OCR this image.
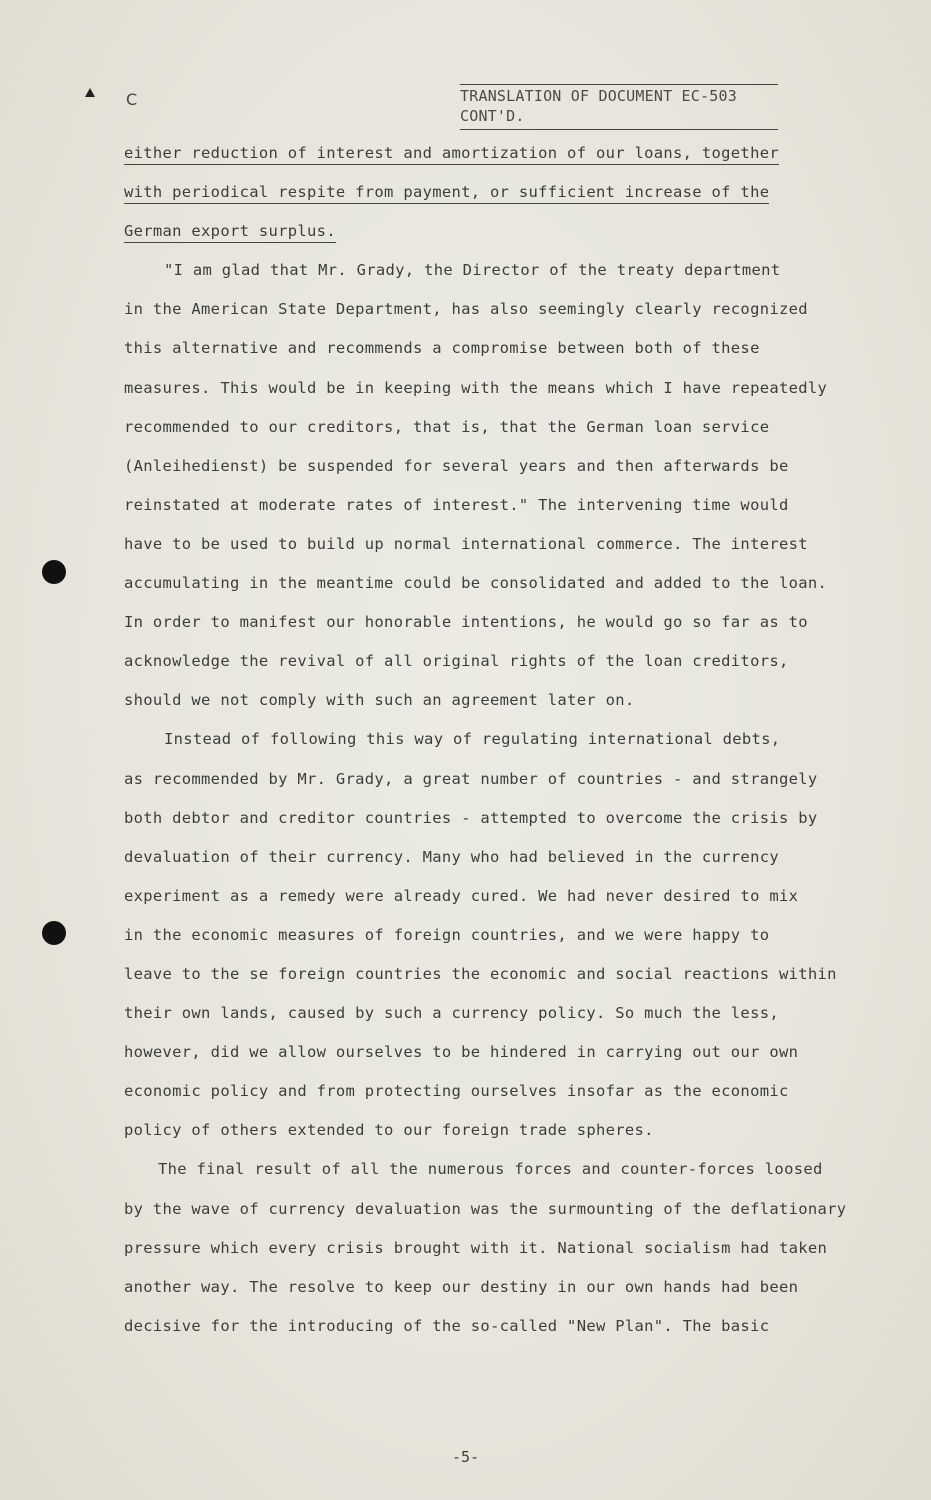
C	TRANSLATION OF DOCUMENT EC-503
CONT'D.
either reduction of interest and amortization of our loans, together
with periodical respite from payment, or sufficient increase of the
German export surplus.
"I am glad that Mr. Grady, the Director of the treaty department
in the American State Department, has also seemingly clearly recognized
this alternative and recommends a compromise between both of these
measures. This would be in keeping with the means which I have repeatedly
recommended to our creditors, that is, that the German loan service
(Anleihedienst) be suspended for several years and then afterwards be
reinstated at moderate rates of interest." The intervening time would
have to be used to build up normal international commerce. The interest
accumulating in the meantime could be consolidated and added to the loan.
In order to manifest our honorable intentions, he would go so far as to
acknowledge the revival of all original rights of the loan creditors,
should we not comply with such an agreement later on.
Instead of following this way of regulating international debts,
as recommended by Mr. Grady, a great number of countries - and strangely
both debtor and creditor countries - attempted to overcome the crisis by
devaluation of their currency. Many who had believed in the currency
experiment as a remedy were already cured. We had never desired to mix
in the economic measures of foreign countries, and we were happy to
leave to the se foreign countries the economic and social reactions within
their own lands, caused by such a currency policy. So much the less,
however, did we allow ourselves to be hindered in carrying out our own
economic policy and from protecting ourselves insofar as the economic
policy of others extended to our foreign trade spheres.
The final result of all the numerous forces and counter-forces loosed
by the wave of currency devaluation was the surmounting of the deflationary
pressure which every crisis brought with it. National socialism had taken
another way. The resolve to keep our destiny in our own hands had been
decisive for the introducing of the so-called "New Plan". The basic
-5-
